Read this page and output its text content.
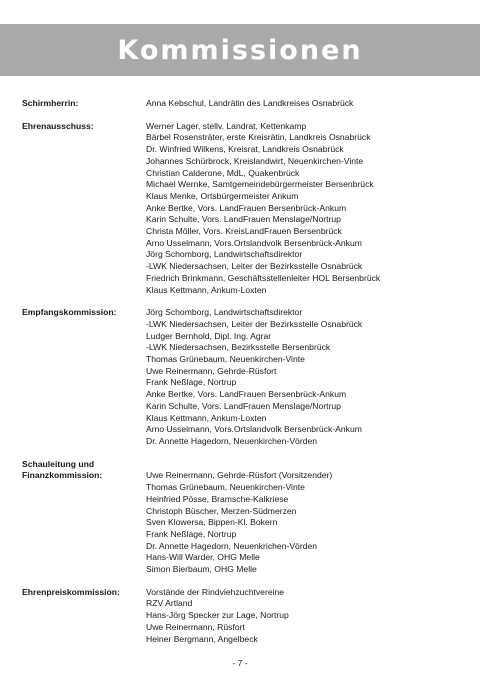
Kommissionen
Schirmherrin:	Anna Kebschul, Landrätin des Landkreises Osnabrück
Ehrenausschuss:	Werner Lager, stellv. Landrat, Kettenkamp
Bärbel Rosensträter, erste Kreisrätin, Landkreis Osnabrück
Dr. Winfried Wilkens, Kreisrat, Landkreis Osnabrück
Johannes Schürbrock, Kreislandwirt, Neuenkirchen-Vinte
Christian Calderone, MdL, Quakenbrück
Michael Wernke, Samtgemeindebürgermeister Bersenbrück
Klaus Menke, Ortsbürgermeister Ankum
Anke Bertke, Vors. LandFrauen Bersenbrück-Ankum
Karin Schulte, Vors. LandFrauen Menslage/Nortrup
Christa Möller, Vors. KreisLandFrauen Bersenbrück
Arno Usselmann, Vors.Ortslandvolk Bersenbrück-Ankum
Jörg Schomborg, Landwirtschaftsdirektor
-LWK Niedersachsen, Leiter der Bezirksstelle Osnabrück
Friedrich Brinkmann, Geschäftsstellenleiter HOL Bersenbrück
Klaus Kettmann, Ankum-Loxten
Empfangskommission:	Jörg Schomborg, Landwirtschaftsdirektor
-LWK Niedersachsen, Leiter der Bezirksstelle Osnabrück
Ludger Bernhold, Dipl. Ing. Agrar
-LWK Niedersachsen, Bezirksstelle Bersenbrück
Thomas Grünebaum, Neuenkirchen-Vinte
Uwe Reinermann, Gehrde-Rüsfort
Frank Neßlage, Nortrup
Anke Bertke, Vors. LandFrauen Bersenbrück-Ankum
Karin Schulte, Vors. LandFrauen Menslage/Nortrup
Klaus Kettmann, Ankum-Loxten
Arno Usselmann, Vors.Ortslandvolk Bersenbrück-Ankum
Dr. Annette Hagedorn, Neuenkirchen-Vörden
Schauleitung und
Finanzkommission:
	Uwe Reinermann, Gehrde-Rüsfort (Vorsitzender)
Thomas Grünebaum, Neuenkirchen-Vinte
Heinfried Pösse, Bramsche-Kalkriese
Christoph Büscher, Merzen-Südmerzen
Sven Klowersa, Bippen-Kl. Bokern
Frank Neßlage, Nortrup
Dr. Annette Hagedorn, Neuenkrichen-Vörden
Hans-Will Warder, OHG Melle
Simon Bierbaum, OHG Melle
Ehrenpreiskommission:	Vorstände der Rindviehzuchtvereine
RZV Artland
Hans-Jörg Specker zur Lage, Nortrup
Uwe Reinermann, Rüsfort
Heiner Bergmann, Angelbeck
- 7 -
